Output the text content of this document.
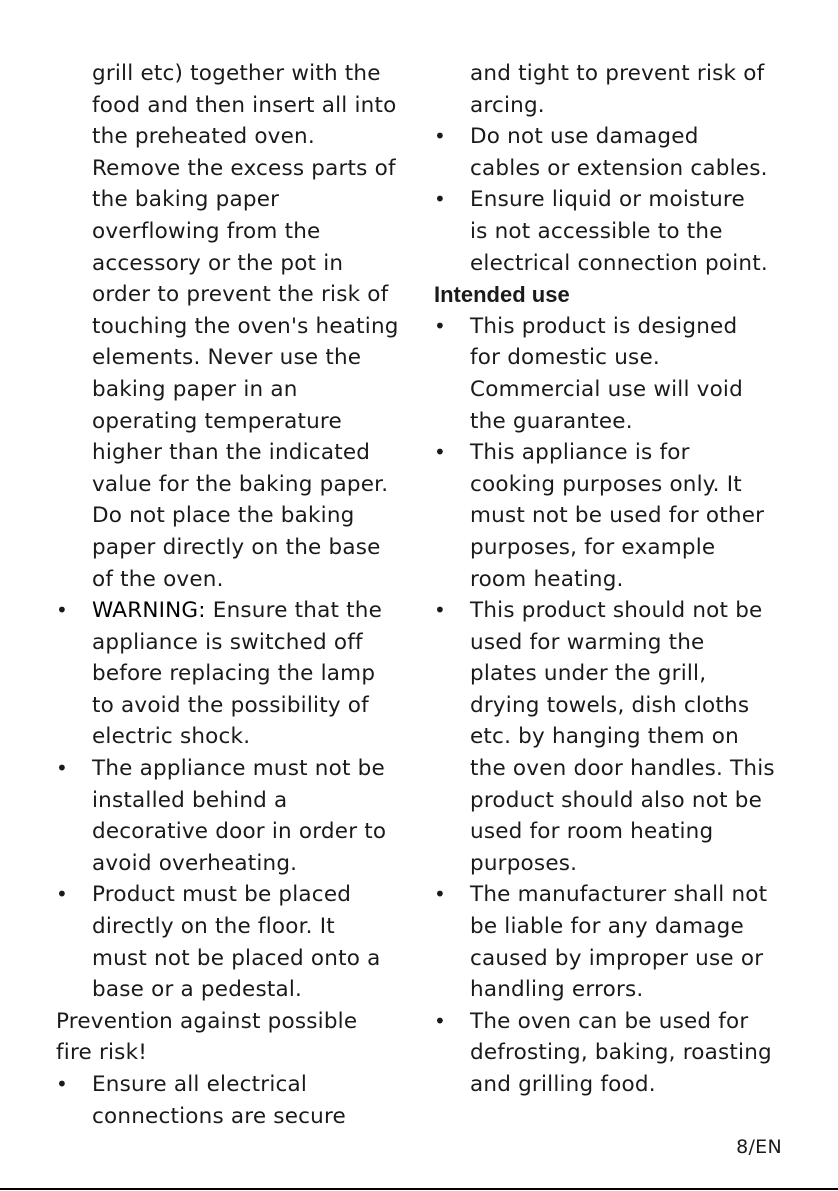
grill etc) together with the
food and then insert all into
the preheated oven.
Remove the excess parts of
the baking paper
overflowing from the
accessory or the pot in
order to prevent the risk of
touching the oven's heating
elements. Never use the
baking paper in an
operating temperature
higher than the indicated
value for the baking paper.
Do not place the baking
paper directly on the base
of the oven.
• WARNING: Ensure that the
appliance is switched off
before replacing the lamp
to avoid the possibility of
electric shock.
• The appliance must not be
installed behind a
decorative door in order to
avoid overheating.
• Product must be placed
directly on the floor. It
must not be placed onto a
base or a pedestal.
Prevention against possible
fire risk!
• Ensure all electrical
connections are secure
and tight to prevent risk of
arcing.
• Do not use damaged
cables or extension cables.
• Ensure liquid or moisture
is not accessible to the
electrical connection point.
Intended use
• This product is designed
for domestic use.
Commercial use will void
the guarantee.
• This appliance is for
cooking purposes only. It
must not be used for other
purposes, for example
room heating.
• This product should not be
used for warming the
plates under the grill,
drying towels, dish cloths
etc. by hanging them on
the oven door handles. This
product should also not be
used for room heating
purposes.
• The manufacturer shall not
be liable for any damage
caused by improper use or
handling errors.
• The oven can be used for
defrosting, baking, roasting
and grilling food.
8/EN
